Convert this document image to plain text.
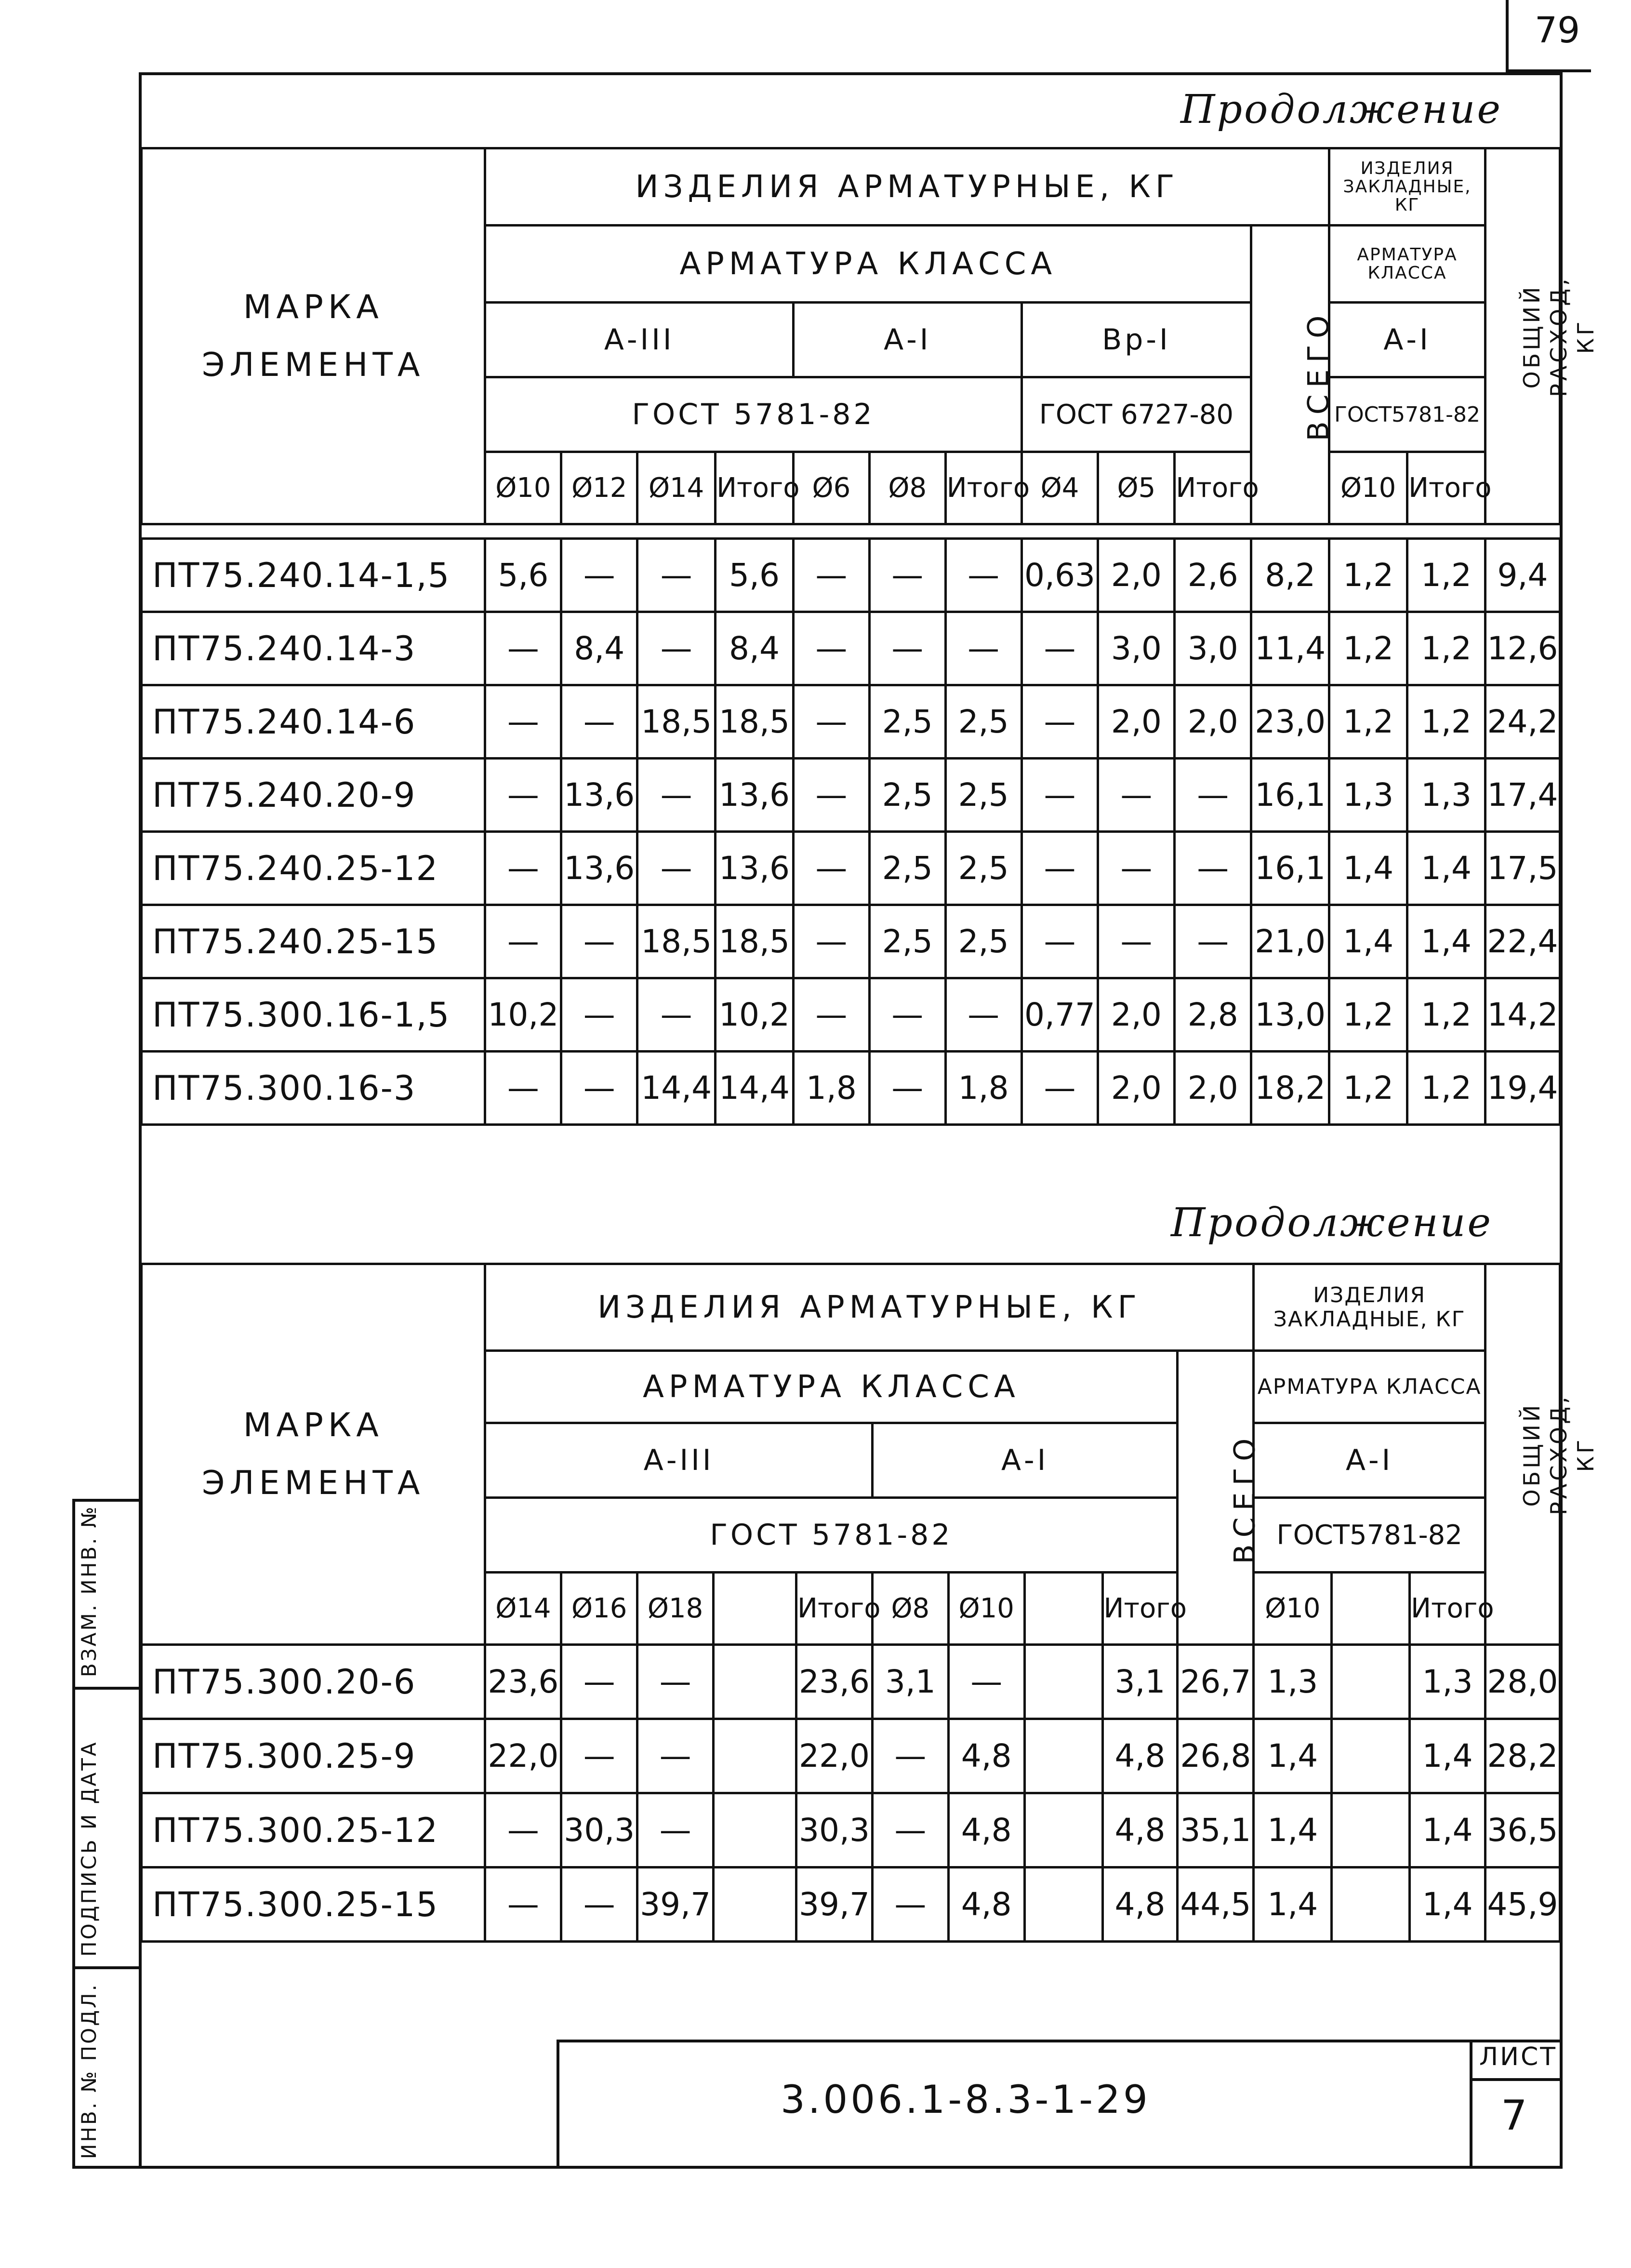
79
ВЗАМ. ИНВ. №
ПОДПИСЬ И ДАТА
ИНВ. № ПОДЛ.
Продолжение
МАРКА ЭЛЕМЕНТА	ИЗДЕЛИЯ АРМАТУРНЫЕ, КГ											ИЗДЕЛИЯ ЗАКЛАДНЫЕ, КГ		ОБЩИЙ РАСХОД, КГ
	АРМАТУРА КЛАССА										ВСЕГО	АРМАТУРА КЛАССА		
	А-III				А-I			Вр-I				А-I		
	ГОСТ 5781-82							ГОСТ 6727-80				ГОСТ5781-82		
	Ø10	Ø12	Ø14	Итого	Ø6	Ø8	Итого	Ø4	Ø5	Итого		Ø10	Итого	

ПТ75.240.14-1,5	5,6	—	—	5,6	—	—	—	0,63	2,0	2,6	8,2	1,2	1,2	9,4
ПТ75.240.14-3	—	8,4	—	8,4	—	—	—	—	3,0	3,0	11,4	1,2	1,2	12,6
ПТ75.240.14-6	—	—	18,5	18,5	—	2,5	2,5	—	2,0	2,0	23,0	1,2	1,2	24,2
ПТ75.240.20-9	—	13,6	—	13,6	—	2,5	2,5	—	—	—	16,1	1,3	1,3	17,4
ПТ75.240.25-12	—	13,6	—	13,6	—	2,5	2,5	—	—	—	16,1	1,4	1,4	17,5
ПТ75.240.25-15	—	—	18,5	18,5	—	2,5	2,5	—	—	—	21,0	1,4	1,4	22,4
ПТ75.300.16-1,5	10,2	—	—	10,2	—	—	—	0,77	2,0	2,8	13,0	1,2	1,2	14,2
ПТ75.300.16-3	—	—	14,4	14,4	1,8	—	1,8	—	2,0	2,0	18,2	1,2	1,2	19,4
Продолжение
МАРКА ЭЛЕМЕНТА	ИЗДЕЛИЯ АРМАТУРНЫЕ, КГ										ИЗДЕЛИЯ ЗАКЛАДНЫЕ, КГ			ОБЩИЙ РАСХОД, КГ
	АРМАТУРА КЛАССА									ВСЕГО	АРМАТУРА КЛАССА			
	А-III					А-I					А-I			
	ГОСТ 5781-82										ГОСТ5781-82			
	Ø14	Ø16	Ø18		Итого	Ø8	Ø10		Итого		Ø10		Итого	
ПТ75.300.20-6	23,6	—	—		23,6	3,1	—		3,1	26,7	1,3		1,3	28,0
ПТ75.300.25-9	22,0	—	—		22,0	—	4,8		4,8	26,8	1,4		1,4	28,2
ПТ75.300.25-12	—	30,3	—		30,3	—	4,8		4,8	35,1	1,4		1,4	36,5
ПТ75.300.25-15	—	—	39,7		39,7	—	4,8		4,8	44,5	1,4		1,4	45,9
3.006.1-8.3-1-29
ЛИСТ
7
